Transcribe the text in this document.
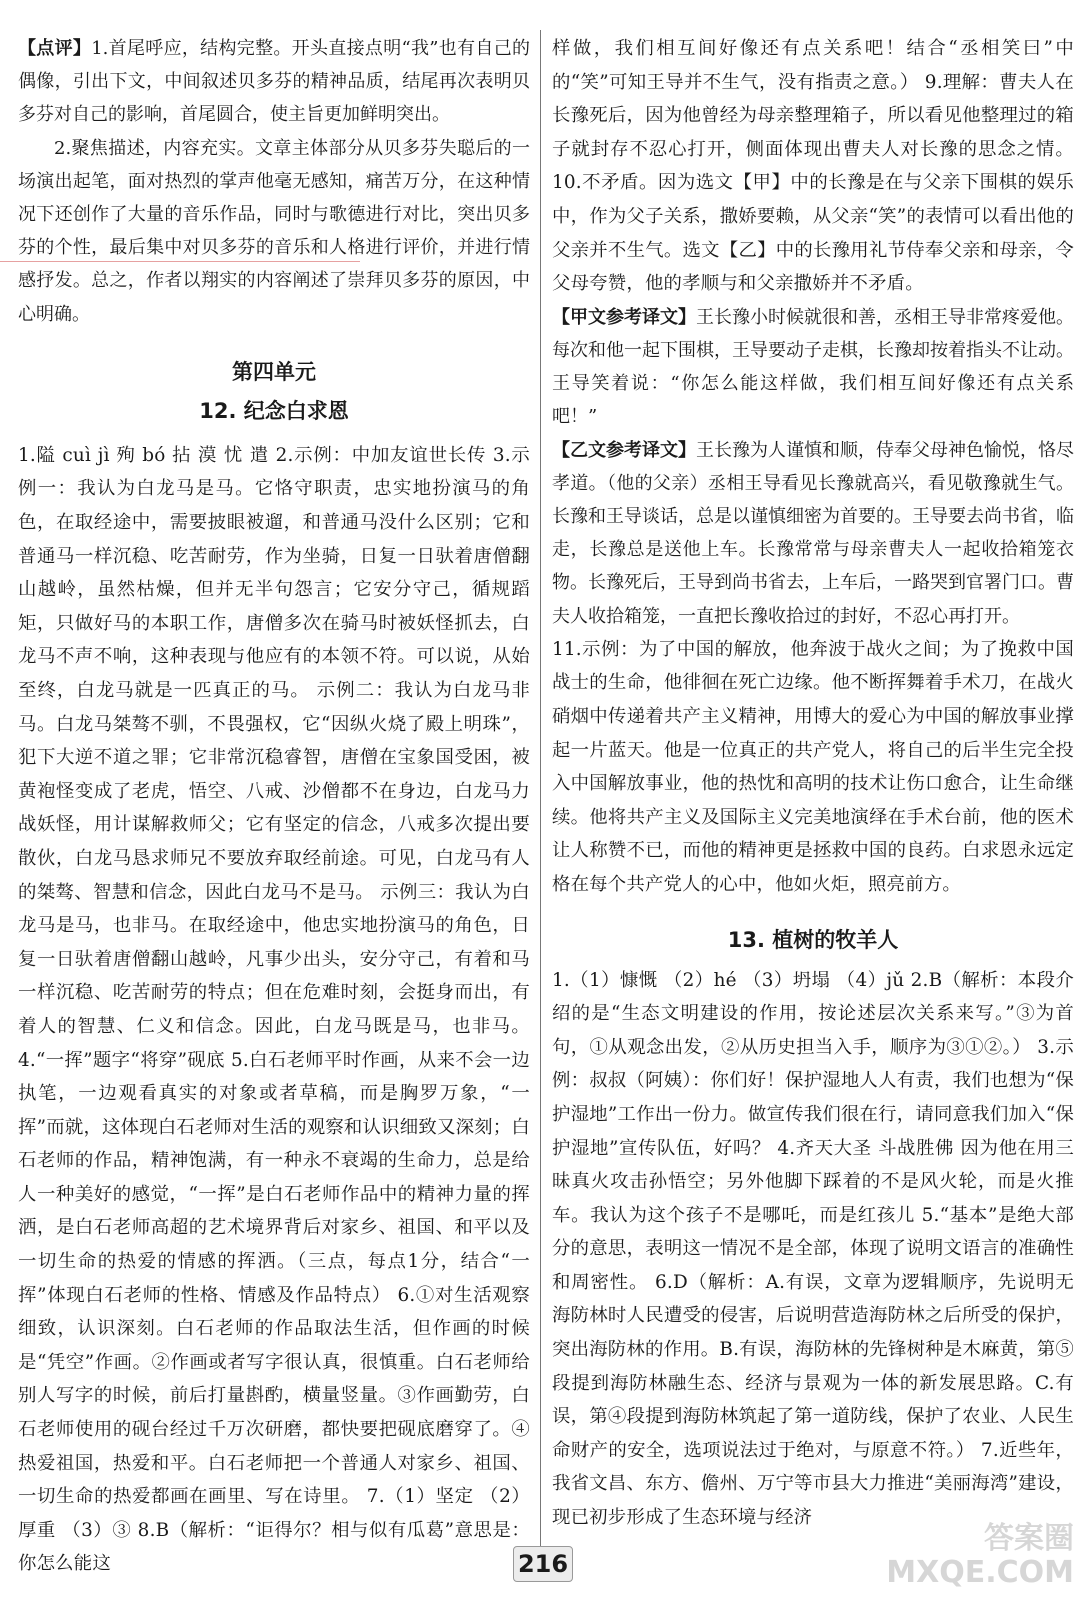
【点评】1.首尾呼应，结构完整。开头直接点明“我”也有自己的偶像，引出下文，中间叙述贝多芬的精神品质，结尾再次表明贝多芬对自己的影响，首尾圆合，使主旨更加鲜明突出。

2.聚焦描述，内容充实。文章主体部分从贝多芬失聪后的一场演出起笔，面对热烈的掌声他毫无感知，痛苦万分，在这种情况下还创作了大量的音乐作品，同时与歌德进行对比，突出贝多芬的个性，最后集中对贝多芬的音乐和人格进行评价，并进行情感抒发。总之，作者以翔实的内容阐述了崇拜贝多芬的原因，中心明确。

第四单元
12. 纪念白求恩

1.隘 cuì jì 殉 bó 拈 漠 忧 遣 2.示例：中加友谊世长传 3.示例一：我认为白龙马是马。它恪守职责，忠实地扮演马的角色，在取经途中，需要披眼被遛，和普通马没什么区别；它和普通马一样沉稳、吃苦耐劳，作为坐骑，日复一日驮着唐僧翻山越岭，虽然枯燥，但并无半句怨言；它安分守己，循规蹈矩，只做好马的本职工作，唐僧多次在骑马时被妖怪抓去，白龙马不声不响，这种表现与他应有的本领不符。可以说，从始至终，白龙马就是一匹真正的马。 示例二：我认为白龙马非马。白龙马桀骜不驯，不畏强权，它“因纵火烧了殿上明珠”，犯下大逆不道之罪；它非常沉稳睿智，唐僧在宝象国受困，被黄袍怪变成了老虎，悟空、八戒、沙僧都不在身边，白龙马力战妖怪，用计谋解救师父；它有坚定的信念，八戒多次提出要散伙，白龙马恳求师兄不要放弃取经前途。可见，白龙马有人的桀骜、智慧和信念，因此白龙马不是马。 示例三：我认为白龙马是马，也非马。在取经途中，他忠实地扮演马的角色，日复一日驮着唐僧翻山越岭，凡事少出头，安分守己，有着和马一样沉稳、吃苦耐劳的特点；但在危难时刻，会挺身而出，有着人的智慧、仁义和信念。因此，白龙马既是马，也非马。 4.“一挥”题字“将穿”砚底 5.白石老师平时作画，从来不会一边执笔，一边观看真实的对象或者草稿，而是胸罗万象，“一挥”而就，这体现白石老师对生活的观察和认识细致又深刻；白石老师的作品，精神饱满，有一种永不衰竭的生命力，总是给人一种美好的感觉，“一挥”是白石老师作品中的精神力量的挥洒，是白石老师高超的艺术境界背后对家乡、祖国、和平以及一切生命的热爱的情感的挥洒。（三点，每点1分，结合“一挥”体现白石老师的性格、情感及作品特点） 6.①对生活观察细致，认识深刻。白石老师的作品取法生活，但作画的时候是“凭空”作画。②作画或者写字很认真，很慎重。白石老师给别人写字的时候，前后打量斟酌，横量竖量。③作画勤劳，白石老师使用的砚台经过千万次研磨，都快要把砚底磨穿了。④热爱祖国，热爱和平。白石老师把一个普通人对家乡、祖国、一切生命的热爱都画在画里、写在诗里。 7.（1）坚定 （2）厚重 （3）③ 8.B（解析：“讵得尔？相与似有瓜葛”意思是：你怎么能这

样做，我们相互间好像还有点关系吧！结合“丞相笑曰”中的“笑”可知王导并不生气，没有指责之意。） 9.理解：曹夫人在长豫死后，因为他曾经为母亲整理箱子，所以看见他整理过的箱子就封存不忍心打开，侧面体现出曹夫人对长豫的思念之情。 10.不矛盾。因为选文【甲】中的长豫是在与父亲下围棋的娱乐中，作为父子关系，撒娇要赖，从父亲“笑”的表情可以看出他的父亲并不生气。选文【乙】中的长豫用礼节侍奉父亲和母亲，令父母夸赞，他的孝顺与和父亲撒娇并不矛盾。

【甲文参考译文】王长豫小时候就很和善，丞相王导非常疼爱他。每次和他一起下围棋，王导要动子走棋，长豫却按着指头不让动。王导笑着说：“你怎么能这样做，我们相互间好像还有点关系吧！”

【乙文参考译文】王长豫为人谨慎和顺，侍奉父母神色愉悦，恪尽孝道。（他的父亲）丞相王导看见长豫就高兴，看见敬豫就生气。长豫和王导谈话，总是以谨慎细密为首要的。王导要去尚书省，临走，长豫总是送他上车。长豫常常与母亲曹夫人一起收拾箱笼衣物。长豫死后，王导到尚书省去，上车后，一路哭到官署门口。曹夫人收拾箱笼，一直把长豫收拾过的封好，不忍心再打开。

11.示例：为了中国的解放，他奔波于战火之间；为了挽救中国战士的生命，他徘徊在死亡边缘。他不断挥舞着手术刀，在战火硝烟中传递着共产主义精神，用博大的爱心为中国的解放事业撑起一片蓝天。他是一位真正的共产党人，将自己的后半生完全投入中国解放事业，他的热忱和高明的技术让伤口愈合，让生命继续。他将共产主义及国际主义完美地演绎在手术台前，他的医术让人称赞不已，而他的精神更是拯救中国的良药。白求恩永远定格在每个共产党人的心中，他如火炬，照亮前方。

13. 植树的牧羊人

1.（1）慷慨 （2）hé （3）坍塌 （4）jǔ 2.B（解析：本段介绍的是“生态文明建设的作用，按论述层次关系来写。”③为首句，①从观念出发，②从历史担当入手，顺序为③①②。） 3.示例：叔叔（阿姨）：你们好！保护湿地人人有责，我们也想为“保护湿地”工作出一份力。做宣传我们很在行，请同意我们加入“保护湿地”宣传队伍，好吗？ 4.齐天大圣 斗战胜佛 因为他在用三昧真火攻击孙悟空；另外他脚下踩着的不是风火轮，而是火推车。我认为这个孩子不是哪吒，而是红孩儿 5.“基本”是绝大部分的意思，表明这一情况不是全部，体现了说明文语言的准确性和周密性。 6.D（解析：A.有误，文章为逻辑顺序，先说明无海防林时人民遭受的侵害，后说明营造海防林之后所受的保护，突出海防林的作用。B.有误，海防林的先锋树种是木麻黄，第⑤段提到海防林融生态、经济与景观为一体的新发展思路。C.有误，第④段提到海防林筑起了第一道防线，保护了农业、人民生命财产的安全，选项说法过于绝对，与原意不符。） 7.近些年，我省文昌、东方、儋州、万宁等市县大力推进“美丽海湾”建设，现已初步形成了生态环境与经济

216
答案圈
MXQE.COM
